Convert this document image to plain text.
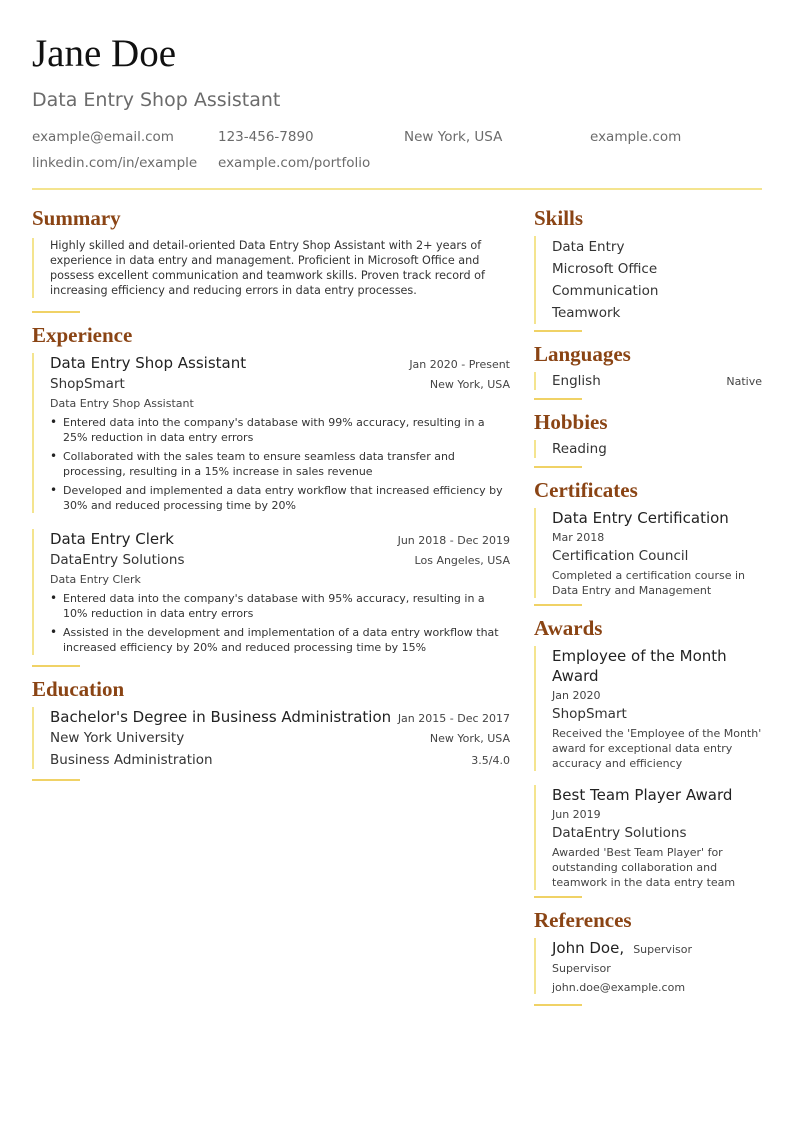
Jane Doe
Data Entry Shop Assistant
example@email.com	123-456-7890	New York, USA	example.com
linkedin.com/in/example	example.com/portfolio
Summary
Highly skilled and detail-oriented Data Entry Shop Assistant with 2+ years of experience in data entry and management. Proficient in Microsoft Office and possess excellent communication and teamwork skills. Proven track record of increasing efficiency and reducing errors in data entry processes.
Experience
Data Entry Shop Assistant	Jan 2020 - Present
ShopSmart	New York, USA
Data Entry Shop Assistant
• Entered data into the company's database with 99% accuracy, resulting in a 25% reduction in data entry errors
• Collaborated with the sales team to ensure seamless data transfer and processing, resulting in a 15% increase in sales revenue
• Developed and implemented a data entry workflow that increased efficiency by 30% and reduced processing time by 20%
Data Entry Clerk	Jun 2018 - Dec 2019
DataEntry Solutions	Los Angeles, USA
Data Entry Clerk
• Entered data into the company's database with 95% accuracy, resulting in a 10% reduction in data entry errors
• Assisted in the development and implementation of a data entry workflow that increased efficiency by 20% and reduced processing time by 15%
Education
Bachelor's Degree in Business Administration Jan 2015 - Dec 2017
New York University	New York, USA
Business Administration	3.5/4.0
Skills
Data Entry
Microsoft Office
Communication
Teamwork
Languages
English	Native
Hobbies
Reading
Certificates
Data Entry Certification
Mar 2018
Certification Council
Completed a certification course in Data Entry and Management
Awards
Employee of the Month Award
Jan 2020
ShopSmart
Received the 'Employee of the Month' award for exceptional data entry accuracy and efficiency
Best Team Player Award
Jun 2019
DataEntry Solutions
Awarded 'Best Team Player' for outstanding collaboration and teamwork in the data entry team
References
John Doe, Supervisor
Supervisor
john.doe@example.com
